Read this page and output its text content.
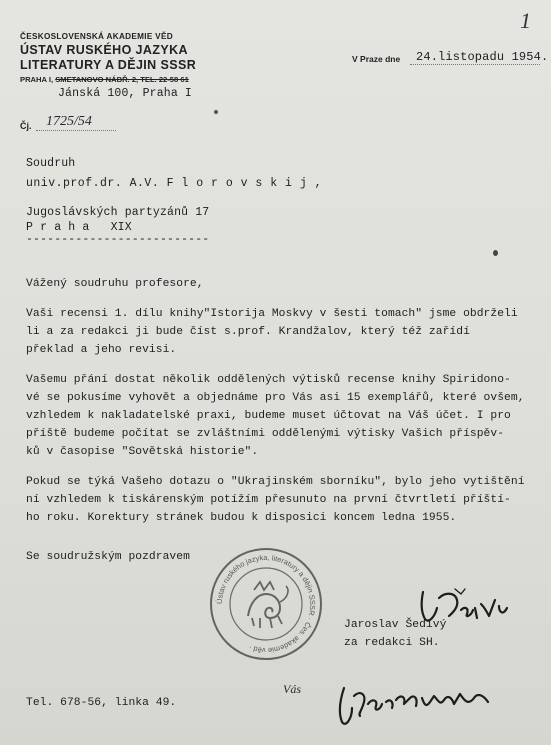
1
ČESKOSLOVENSKÁ AKADEMIE VĚD
ÚSTAV RUSKÉHO JAZYKA
LITERATURY A DĚJIN SSSR
PRAHA I, SMETANOVO NÁBŘ. 2, TEL. 22-58 61
Jánská 100, Praha I
V Praze dne 24.listopadu 1954.
Čj. 1725/54
Soudruh
univ.prof.dr. A.V. F l o r o v s k i j ,
Jugoslávských partyzánů 17
P r a h a   XIX
--------------------------
Vážený soudruhu profesore,
Vaši recensi 1. dílu knihy"Istorija Moskvy v šesti tomach" jsme obdrželi
li a za redakci ji bude číst s.prof. Krandžalov, který též zařídí
překlad a jeho revisi.
Vašemu přání dostat několik oddělených výtisků recense knihy Spiridono-
vé se pokusíme vyhovět a objednáme pro Vás asi 15 exemplářů, které ovšem,
vzhledem k nakladatelské praxi, budeme muset účtovat na Váš účet. I pro
příště budeme počítat se zvláštními oddělenými výtisky Vašich příspěv-
ků v časopise "Sovětská historie".
Pokud se týká Vašeho dotazu o "Ukrajinském sborníku", bylo jeho vytištění
ní vzhledem k tiskárenským potížím přesunuto na první čtvrtletí příští-
ho roku. Korektury stránek budou k disposici koncem ledna 1955.
Se soudružským pozdravem
Ústav ruského jazyka, literatury a dějin SSSR · Čes. akademie věd ·
Jaroslav Šedivý
za redakci SH.
Tel. 678-56, linka 49.
Vás
